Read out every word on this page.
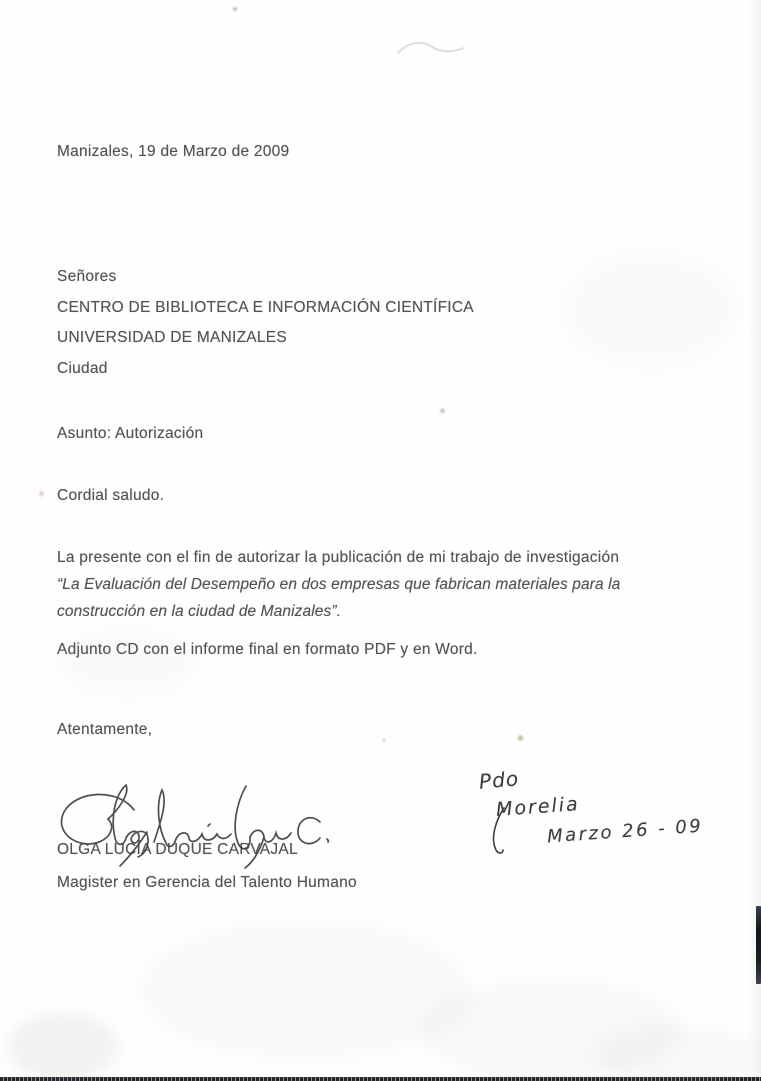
Manizales, 19 de Marzo de 2009
Señores
CENTRO DE BIBLIOTECA E INFORMACIÓN CIENTÍFICA
UNIVERSIDAD DE MANIZALES
Ciudad
Asunto: Autorización
Cordial saludo.
La presente con el fin de autorizar la publicación de mi trabajo de investigación
“La Evaluación del Desempeño en dos empresas que fabrican materiales para la construcción en la ciudad de Manizales”.
Adjunto CD con el informe final en formato PDF y en Word.
Atentamente,
Pdo
Morelia
Marzo 26 - 09
OLGA LUCÍA DUQUE CARVAJAL
Magister en Gerencia del Talento Humano
